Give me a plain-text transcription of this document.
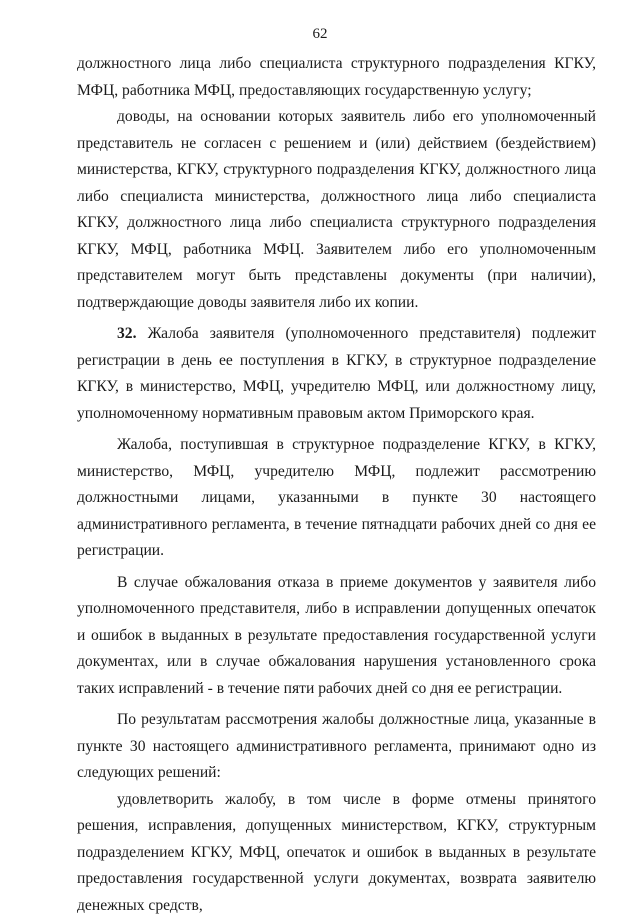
62

должностного лица либо специалиста структурного подразделения КГКУ, МФЦ, работника МФЦ, предоставляющих государственную услугу;

доводы, на основании которых заявитель либо его уполномоченный представитель не согласен с решением и (или) действием (бездействием) министерства, КГКУ, структурного подразделения КГКУ, должностного лица либо специалиста министерства, должностного лица либо специалиста КГКУ, должностного лица либо специалиста структурного подразделения КГКУ, МФЦ, работника МФЦ. Заявителем либо его уполномоченным представителем могут быть представлены документы (при наличии), подтверждающие доводы заявителя либо их копии.

32. Жалоба заявителя (уполномоченного представителя) подлежит регистрации в день ее поступления в КГКУ, в структурное подразделение КГКУ, в министерство, МФЦ, учредителю МФЦ, или должностному лицу, уполномоченному нормативным правовым актом Приморского края.

Жалоба, поступившая в структурное подразделение КГКУ, в КГКУ, министерство, МФЦ, учредителю МФЦ, подлежит рассмотрению должностными лицами, указанными в пункте 30 настоящего административного регламента, в течение пятнадцати рабочих дней со дня ее регистрации.

В случае обжалования отказа в приеме документов у заявителя либо уполномоченного представителя, либо в исправлении допущенных опечаток и ошибок в выданных в результате предоставления государственной услуги документах, или в случае обжалования нарушения установленного срока таких исправлений - в течение пяти рабочих дней со дня ее регистрации.

По результатам рассмотрения жалобы должностные лица, указанные в пункте 30 настоящего административного регламента, принимают одно из следующих решений:

удовлетворить жалобу, в том числе в форме отмены принятого решения, исправления, допущенных министерством, КГКУ, структурным подразделением КГКУ, МФЦ, опечаток и ошибок в выданных в результате предоставления государственной услуги документах, возврата заявителю денежных средств,
